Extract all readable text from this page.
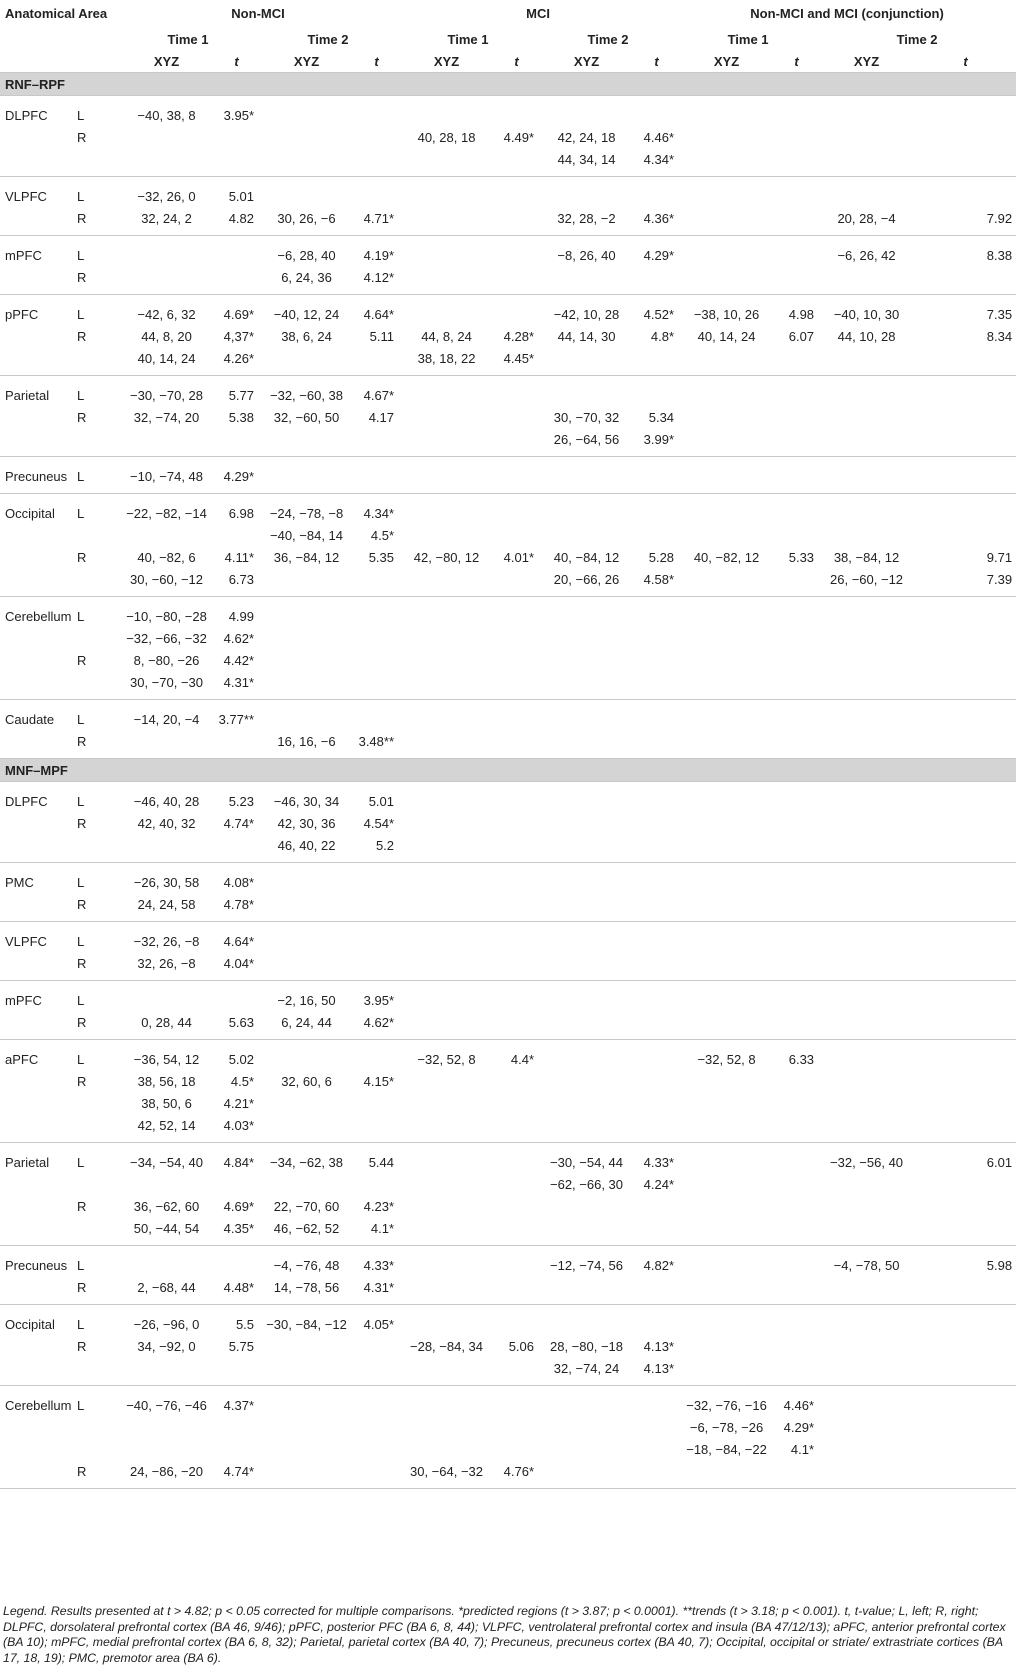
Anatomical Area		Non-MCI				MCI				Non-MCI and MCI (conjunction)			
		Time 1		Time 2		Time 1		Time 2		Time 1		Time 2	
		XYZ	t	XYZ	t	XYZ	t	XYZ	t	XYZ	t	XYZ	t
RNF–RPF													
DLPFC	L	−40, 38, 8	3.95*										
	R					40, 28, 18	4.49*	42, 24, 18	4.46*				
								44, 34, 14	4.34*				
VLPFC	L	−32, 26, 0	5.01										
	R	32, 24, 2	4.82	30, 26, −6	4.71*			32, 28, −2	4.36*			20, 28, −4	7.92
mPFC	L			−6, 28, 40	4.19*			−8, 26, 40	4.29*			−6, 26, 42	8.38
	R			6, 24, 36	4.12*								
pPFC	L	−42, 6, 32	4.69*	−40, 12, 24	4.64*			−42, 10, 28	4.52*	−38, 10, 26	4.98	−40, 10, 30	7.35
	R	44, 8, 20	4,37*	38, 6, 24	5.11	44, 8, 24	4.28*	44, 14, 30	4.8*	40, 14, 24	6.07	44, 10, 28	8.34
		40, 14, 24	4.26*			38, 18, 22	4.45*						
Parietal	L	−30, −70, 28	5.77	−32, −60, 38	4.67*								
	R	32, −74, 20	5.38	32, −60, 50	4.17			30, −70, 32	5.34				
								26, −64, 56	3.99*				
Precuneus	L	−10, −74, 48	4.29*										
Occipital	L	−22, −82, −14	6.98	−24, −78, −8	4.34*								
				−40, −84, 14	4.5*								
	R	40, −82, 6	4.11*	36, −84, 12	5.35	42, −80, 12	4.01*	40, −84, 12	5.28	40, −82, 12	5.33	38, −84, 12	9.71
		30, −60, −12	6.73					20, −66, 26	4.58*			26, −60, −12	7.39
Cerebellum	L	−10, −80, −28	4.99										
		−32, −66, −32	4.62*										
	R	8, −80, −26	4.42*										
		30, −70, −30	4.31*										
Caudate	L	−14, 20, −4	3.77**										
	R			16, 16, −6	3.48**								
MNF–MPF													
DLPFC	L	−46, 40, 28	5.23	−46, 30, 34	5.01								
	R	42, 40, 32	4.74*	42, 30, 36	4.54*								
				46, 40, 22	5.2								
PMC	L	−26, 30, 58	4.08*										
	R	24, 24, 58	4.78*										
VLPFC	L	−32, 26, −8	4.64*										
	R	32, 26, −8	4.04*										
mPFC	L			−2, 16, 50	3.95*								
	R	0, 28, 44	5.63	6, 24, 44	4.62*								
aPFC	L	−36, 54, 12	5.02			−32, 52, 8	4.4*			−32, 52, 8	6.33		
	R	38, 56, 18	4.5*	32, 60, 6	4.15*								
		38, 50, 6	4.21*										
		42, 52, 14	4.03*										
Parietal	L	−34, −54, 40	4.84*	−34, −62, 38	5.44			−30, −54, 44	4.33*			−32, −56, 40	6.01
								−62, −66, 30	4.24*				
	R	36, −62, 60	4.69*	22, −70, 60	4.23*								
		50, −44, 54	4.35*	46, −62, 52	4.1*								
Precuneus	L			−4, −76, 48	4.33*			−12, −74, 56	4.82*			−4, −78, 50	5.98
	R	2, −68, 44	4.48*	14, −78, 56	4.31*								
Occipital	L	−26, −96, 0	5.5	−30, −84, −12	4.05*								
	R	34, −92, 0	5.75			−28, −84, 34	5.06	28, −80, −18	4.13*				
								32, −74, 24	4.13*				
Cerebellum	L	−40, −76, −46	4.37*							−32, −76, −16	4.46*		
										−6, −78, −26	4.29*		
										−18, −84, −22	4.1*		
	R	24, −86, −20	4.74*			30, −64, −32	4.76*						
Legend. Results presented at t > 4.82; p < 0.05 corrected for multiple comparisons. *predicted regions (t > 3.87; p < 0.0001). **trends (t > 3.18; p < 0.001). t, t-value; L, left; R, right; DLPFC, dorsolateral prefrontal cortex (BA 46, 9/46); pPFC, posterior PFC (BA 6, 8, 44); VLPFC, ventrolateral prefrontal cortex and insula (BA 47/12/13); aPFC, anterior prefrontal cortex (BA 10); mPFC, medial prefrontal cortex (BA 6, 8, 32); Parietal, parietal cortex (BA 40, 7); Precuneus, precuneus cortex (BA 40, 7); Occipital, occipital or striate/ extrastriate cortices (BA 17, 18, 19); PMC, premotor area (BA 6).
